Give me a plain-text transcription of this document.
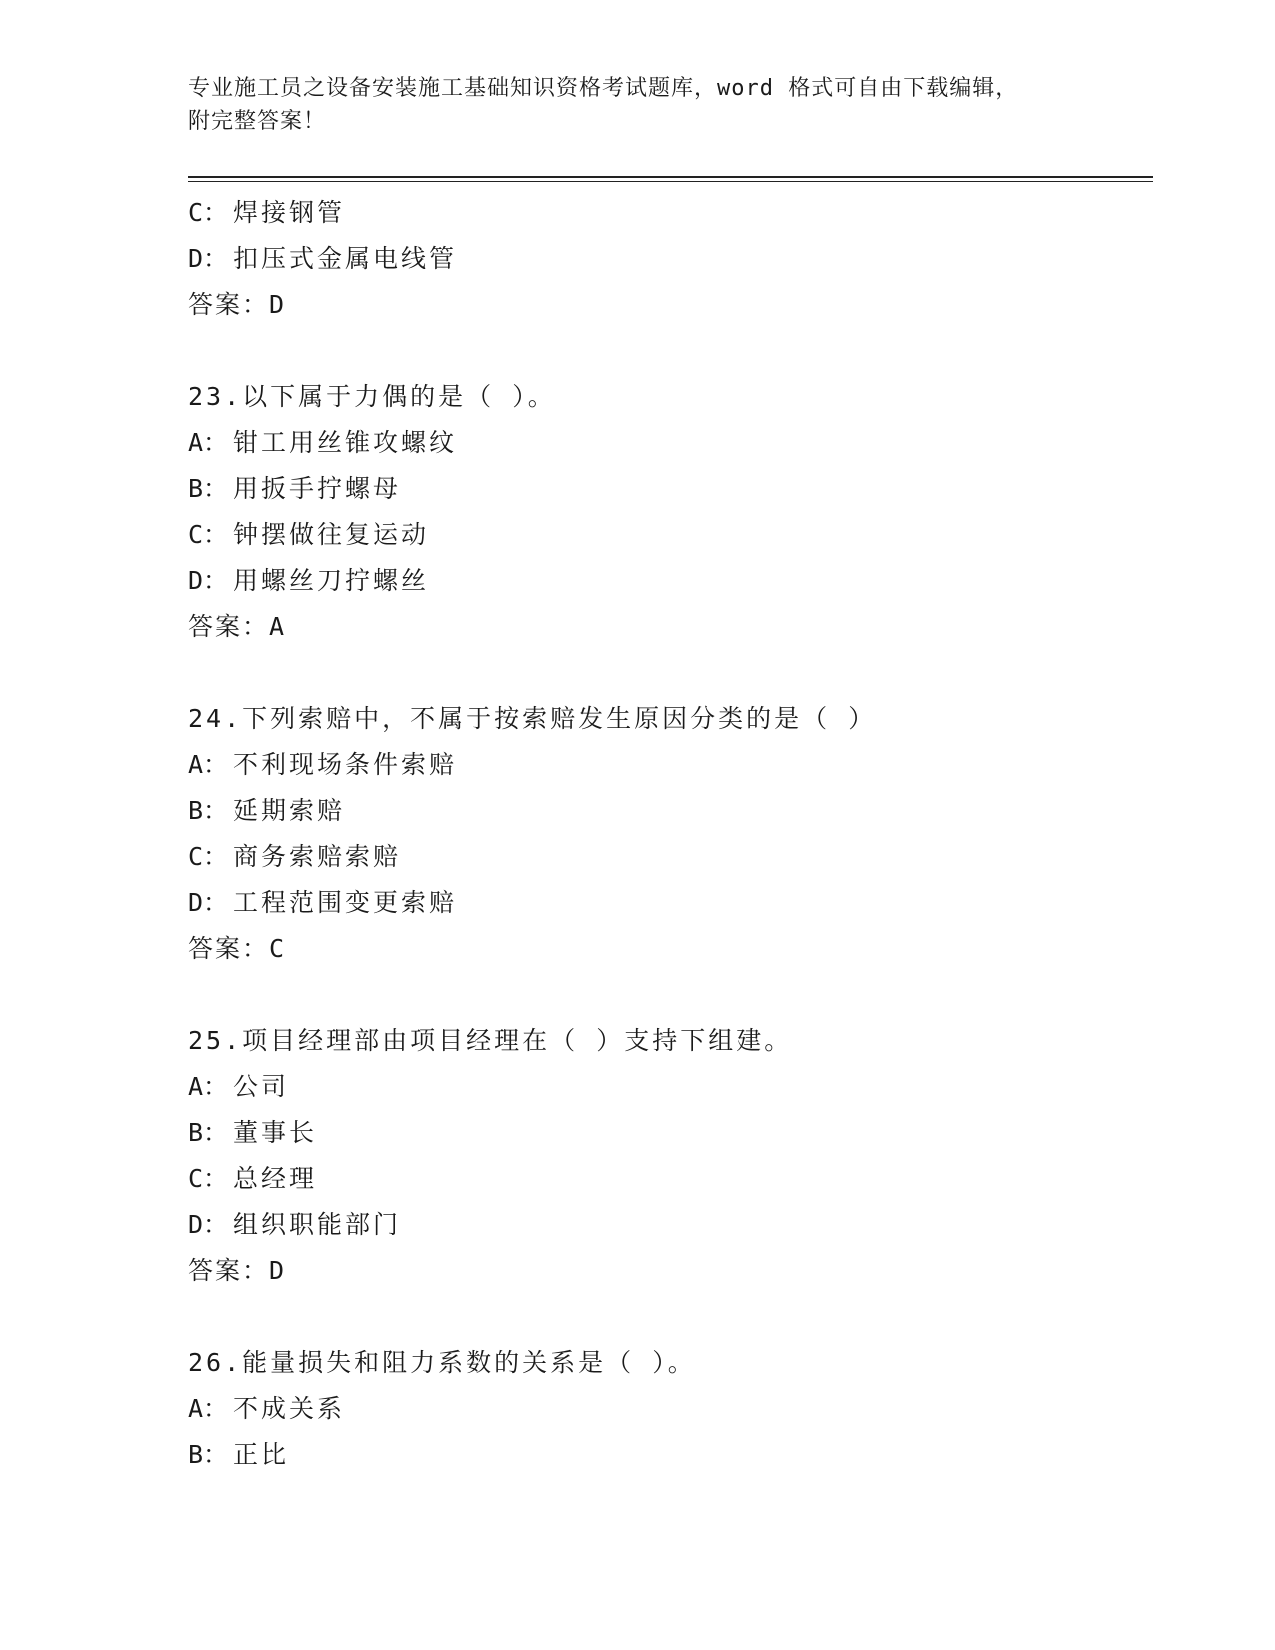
专业施工员之设备安装施工基础知识资格考试题库，word 格式可自由下载编辑，
附完整答案！

C： 焊接钢管
D： 扣压式金属电线管
答案：D
23.以下属于力偶的是（ ）。
A： 钳工用丝锥攻螺纹
B： 用扳手拧螺母
C： 钟摆做往复运动
D： 用螺丝刀拧螺丝
答案：A
24.下列索赔中，不属于按索赔发生原因分类的是（ ）
A： 不利现场条件索赔
B： 延期索赔
C： 商务索赔索赔
D： 工程范围变更索赔
答案：C
25.项目经理部由项目经理在（ ）支持下组建。
A： 公司
B： 董事长
C： 总经理
D： 组织职能部门
答案：D
26.能量损失和阻力系数的关系是（ ）。
A： 不成关系
B： 正比
